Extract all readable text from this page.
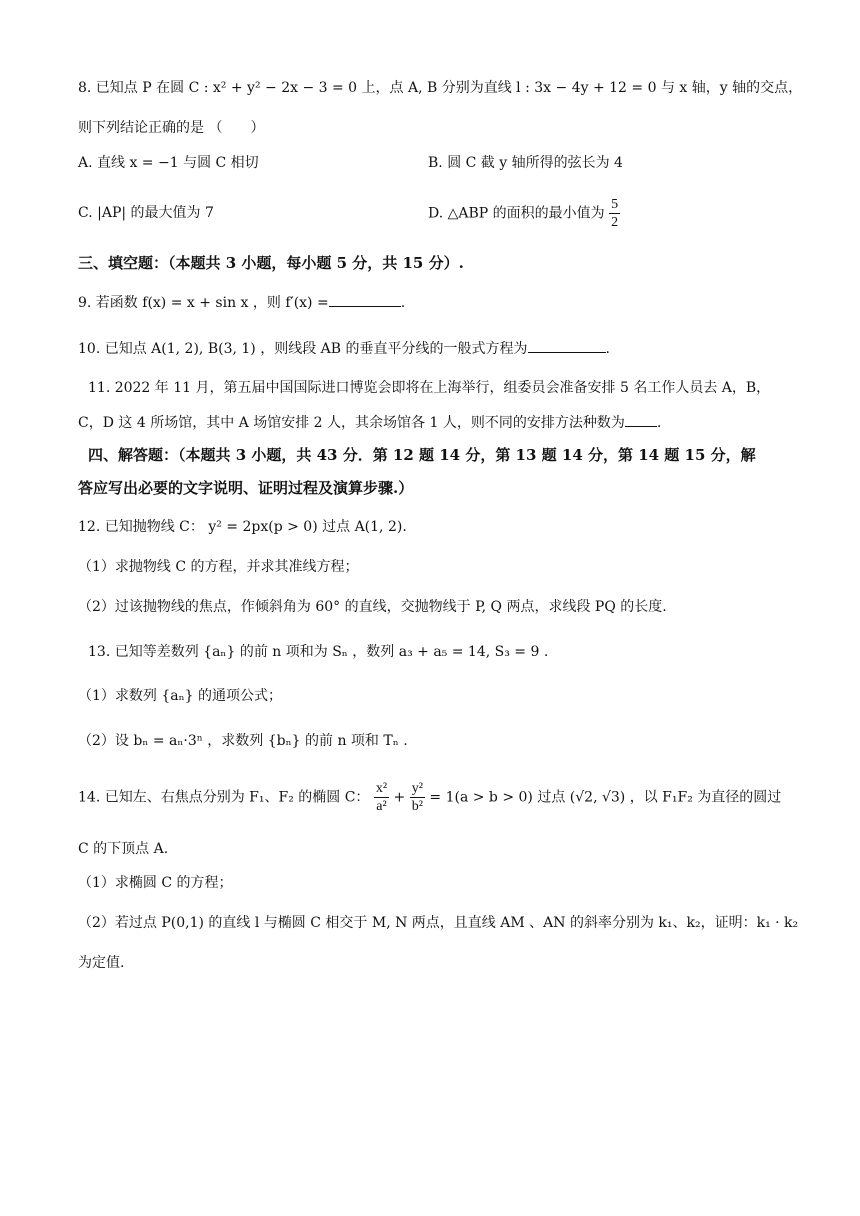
8. 已知点 P 在圆 C : x² + y² − 2x − 3 = 0 上，点 A, B 分别为直线 l : 3x − 4y + 12 = 0 与 x 轴，y 轴的交点，
则下列结论正确的是 （　　）
A. 直线 x = −1 与圆 C 相切	B. 圆 C 截 y 轴所得的弦长为 4
C. |AP| 的最大值为 7	D. △ABP 的面积的最小值为 $\frac{5}{2}$
三、填空题：（本题共 3 小题，每小题 5 分，共 15 分）.
9. 若函数 f(x) = x + sin x ，则 f′(x) =	.
10. 已知点 A(1, 2), B(3, 1) ，则线段 AB 的垂直平分线的一般式方程为	.
11. 2022 年 11 月，第五届中国国际进口博览会即将在上海举行，组委员会准备安排 5 名工作人员去 A，B，
C，D 这 4 所场馆，其中 A 场馆安排 2 人，其余场馆各 1 人，则不同的安排方法种数为 .
四、解答题：（本题共 3 小题，共 43 分．第 12 题 14 分，第 13 题 14 分，第 14 题 15 分，解
答应写出必要的文字说明、证明过程及演算步骤.）
12. 已知抛物线 C： y² = 2px(p > 0) 过点 A(1, 2).
（1）求抛物线 C 的方程，并求其准线方程；
（2）过该抛物线的焦点，作倾斜角为 60° 的直线，交抛物线于 P, Q 两点，求线段 PQ 的长度.
13. 已知等差数列 {aₙ} 的前 n 项和为 Sₙ ，数列 a₃ + a₅ = 14, S₃ = 9 .
（1）求数列 {aₙ} 的通项公式；
（2）设 bₙ = aₙ·3ⁿ ，求数列 {bₙ} 的前 n 项和 Tₙ .
14. 已知左、右焦点分别为 F₁、F₂ 的椭圆 C： $\frac{\text{x²}}{\text{a²}} + \frac{\text{y²}}{\text{b²}} = 1(a > b > 0)$ 过点 (√2, √3) ，以 F₁F₂ 为直径的圆过
C 的下顶点 A.
（1）求椭圆 C 的方程；
（2）若过点 P(0,1) 的直线 l 与椭圆 C 相交于 M, N 两点，且直线 AM 、AN 的斜率分别为 k₁、k₂，证明：k₁ · k₂
为定值.
